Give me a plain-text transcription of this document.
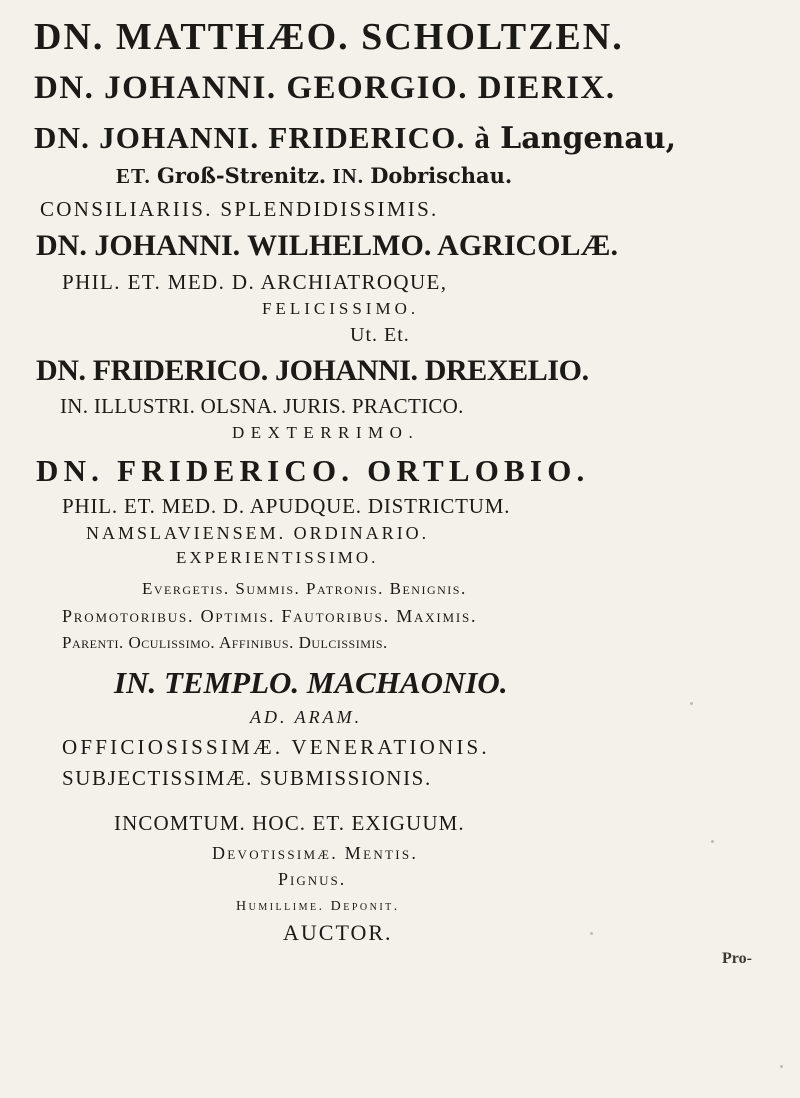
DN. MATTHÆO. SCHOLTZEN.

DN. JOHANNI. GEORGIO. DIERIX.

DN. JOHANNI. FRIDERICO. à Langenau,

ET. Groß-Strenitz. IN. Dobrischau.

CONSILIARIIS. SPLENDIDISSIMIS.

DN. JOHANNI. WILHELMO. AGRICOLÆ.

PHIL. ET. MED. D. ARCHIATROQUE,

FELICISSIMO.

Ut. Et.

DN. FRIDERICO. JOHANNI. DREXELIO.

IN. ILLUSTRI. OLSNA. JURIS. PRACTICO.

DEXTERRIMO.

DN. FRIDERICO. ORTLOBIO.

PHIL. ET. MED. D. APUDQUE. DISTRICTUM.

NAMSLAVIENSEM. ORDINARIO.

EXPERIENTISSIMO.

Evergetis. Summis. Patronis. Benignis.

Promotoribus. Optimis. Fautoribus. Maximis.

Parenti. Oculissimo. Affinibus. Dulcissimis.

IN. TEMPLO. MACHAONIO.

AD. ARAM.

OFFICIOSISSIMÆ. VENERATIONIS.

SUBJECTISSIMÆ. SUBMISSIONIS.

INCOMTUM. HOC. ET. EXIGUUM.

Devotissimæ. Mentis.

Pignus.

Humillime. Deponit.

AUCTOR.

Pro-
